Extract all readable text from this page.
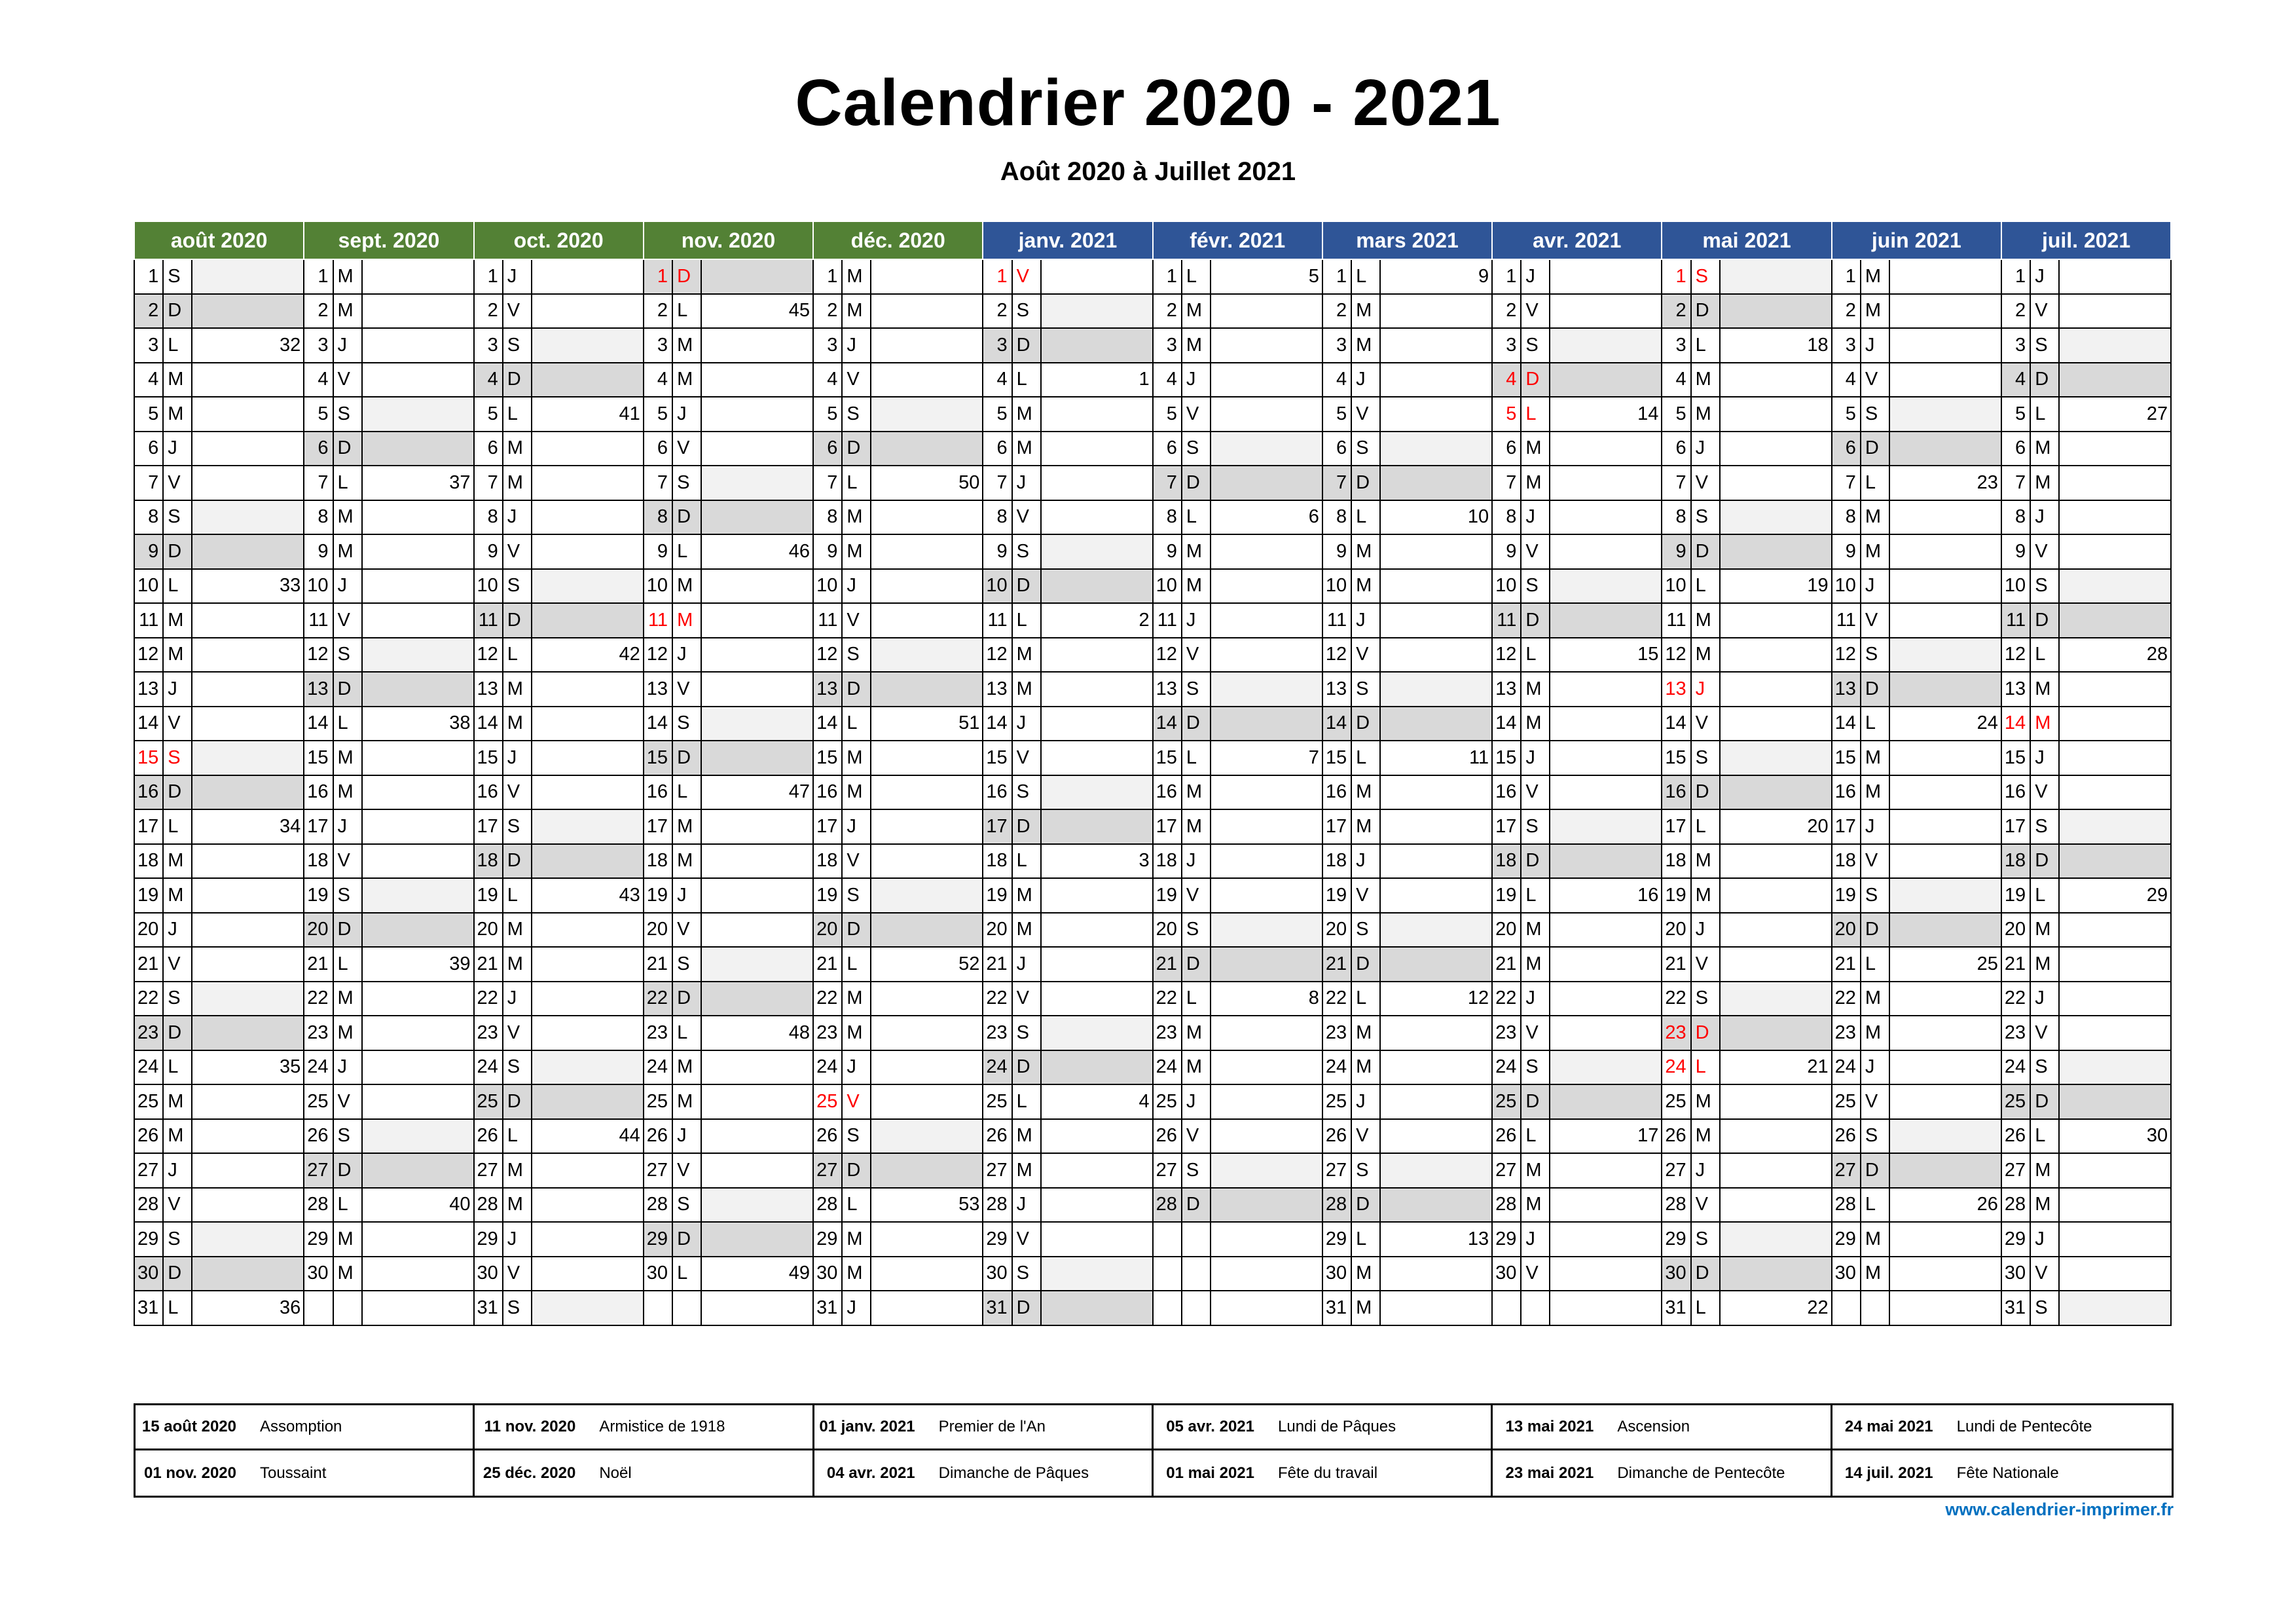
Calendrier 2020 - 2021
Août 2020 à Juillet 2021
août 2020			sept. 2020			oct. 2020			nov. 2020			déc. 2020			janv. 2021			févr. 2021			mars 2021			avr. 2021			mai 2021			juin 2021			juil. 2021		
1	S		1	M		1	J		1	D		1	M		1	V		1	L	5	1	L	9	1	J		1	S		1	M		1	J	
2	D		2	M		2	V		2	L	45	2	M		2	S		2	M		2	M		2	V		2	D		2	M		2	V	
3	L	32	3	J		3	S		3	M		3	J		3	D		3	M		3	M		3	S		3	L	18	3	J		3	S	
4	M		4	V		4	D		4	M		4	V		4	L	1	4	J		4	J		4	D		4	M		4	V		4	D	
5	M		5	S		5	L	41	5	J		5	S		5	M		5	V		5	V		5	L	14	5	M		5	S		5	L	27
6	J		6	D		6	M		6	V		6	D		6	M		6	S		6	S		6	M		6	J		6	D		6	M	
7	V		7	L	37	7	M		7	S		7	L	50	7	J		7	D		7	D		7	M		7	V		7	L	23	7	M	
8	S		8	M		8	J		8	D		8	M		8	V		8	L	6	8	L	10	8	J		8	S		8	M		8	J	
9	D		9	M		9	V		9	L	46	9	M		9	S		9	M		9	M		9	V		9	D		9	M		9	V	
10	L	33	10	J		10	S		10	M		10	J		10	D		10	M		10	M		10	S		10	L	19	10	J		10	S	
11	M		11	V		11	D		11	M		11	V		11	L	2	11	J		11	J		11	D		11	M		11	V		11	D	
12	M		12	S		12	L	42	12	J		12	S		12	M		12	V		12	V		12	L	15	12	M		12	S		12	L	28
13	J		13	D		13	M		13	V		13	D		13	M		13	S		13	S		13	M		13	J		13	D		13	M	
14	V		14	L	38	14	M		14	S		14	L	51	14	J		14	D		14	D		14	M		14	V		14	L	24	14	M	
15	S		15	M		15	J		15	D		15	M		15	V		15	L	7	15	L	11	15	J		15	S		15	M		15	J	
16	D		16	M		16	V		16	L	47	16	M		16	S		16	M		16	M		16	V		16	D		16	M		16	V	
17	L	34	17	J		17	S		17	M		17	J		17	D		17	M		17	M		17	S		17	L	20	17	J		17	S	
18	M		18	V		18	D		18	M		18	V		18	L	3	18	J		18	J		18	D		18	M		18	V		18	D	
19	M		19	S		19	L	43	19	J		19	S		19	M		19	V		19	V		19	L	16	19	M		19	S		19	L	29
20	J		20	D		20	M		20	V		20	D		20	M		20	S		20	S		20	M		20	J		20	D		20	M	
21	V		21	L	39	21	M		21	S		21	L	52	21	J		21	D		21	D		21	M		21	V		21	L	25	21	M	
22	S		22	M		22	J		22	D		22	M		22	V		22	L	8	22	L	12	22	J		22	S		22	M		22	J	
23	D		23	M		23	V		23	L	48	23	M		23	S		23	M		23	M		23	V		23	D		23	M		23	V	
24	L	35	24	J		24	S		24	M		24	J		24	D		24	M		24	M		24	S		24	L	21	24	J		24	S	
25	M		25	V		25	D		25	M		25	V		25	L	4	25	J		25	J		25	D		25	M		25	V		25	D	
26	M		26	S		26	L	44	26	J		26	S		26	M		26	V		26	V		26	L	17	26	M		26	S		26	L	30
27	J		27	D		27	M		27	V		27	D		27	M		27	S		27	S		27	M		27	J		27	D		27	M	
28	V		28	L	40	28	M		28	S		28	L	53	28	J		28	D		28	D		28	M		28	V		28	L	26	28	M	
29	S		29	M		29	J		29	D		29	M		29	V					29	L	13	29	J		29	S		29	M		29	J	
30	D		30	M		30	V		30	L	49	30	M		30	S					30	M		30	V		30	D		30	M		30	V	
31	L	36				31	S					31	J		31	D					31	M					31	L	22				31	S	
15 août 2020	Assomption
01 nov. 2020	Toussaint
11 nov. 2020	Armistice de 1918
25 déc. 2020	Noël
01 janv. 2021	Premier de l'An
04 avr. 2021	Dimanche de Pâques
05 avr. 2021	Lundi de Pâques
01 mai 2021	Fête du travail
13 mai 2021	Ascension
23 mai 2021	Dimanche de Pentecôte
24 mai 2021	Lundi de Pentecôte
14 juil. 2021	Fête Nationale
www.calendrier-imprimer.fr
